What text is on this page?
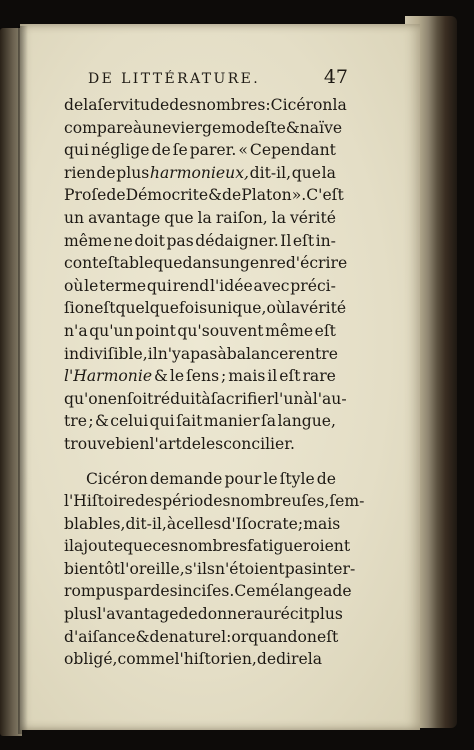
DE LITTÉRATURE.	47
de la ſervitude des nombres : Cicéron la
compare à une vierge modeſte & naïve
qui néglige de ſe parer. « Cependant
rien de plus harmonieux, dit-il, que la
Proſe de Démocrite & de Platon ». C'eſt
un avantage que la raiſon, la vérité
même ne doit pas dédaigner. Il eſt in-
conteſtable que dans un genre d'écrire
où le terme qui rend l'idée avec préci-
ſion eſt quelquefois unique, où la vérité
n'a qu'un point qu'souvent même eſt
indiviſible, il n'y a pas à balancer entre
l'Harmonie & le ſens ; mais il eſt rare
qu'on en ſoit réduit à ſacrifier l'un à l'au-
tre ; & celui qui ſait manier ſa langue,
trouve bien l'art de les concilier.
Cicéron demande pour le ſtyle de
l'Hiſtoire des périodes nombreuſes, ſem-
blables, dit-il, à celles d'Iſocrate ; mais
il ajoute que ces nombres fatigueroient
bientôt l'oreille, s'ils n'étoient pas inter-
rompus par des inciſes. Ce mélange a de
plus l'avantage de donner au récit plus
d'aiſance & de naturel : or quand on eſt
obligé, comme l'hiſtorien, de dire la
